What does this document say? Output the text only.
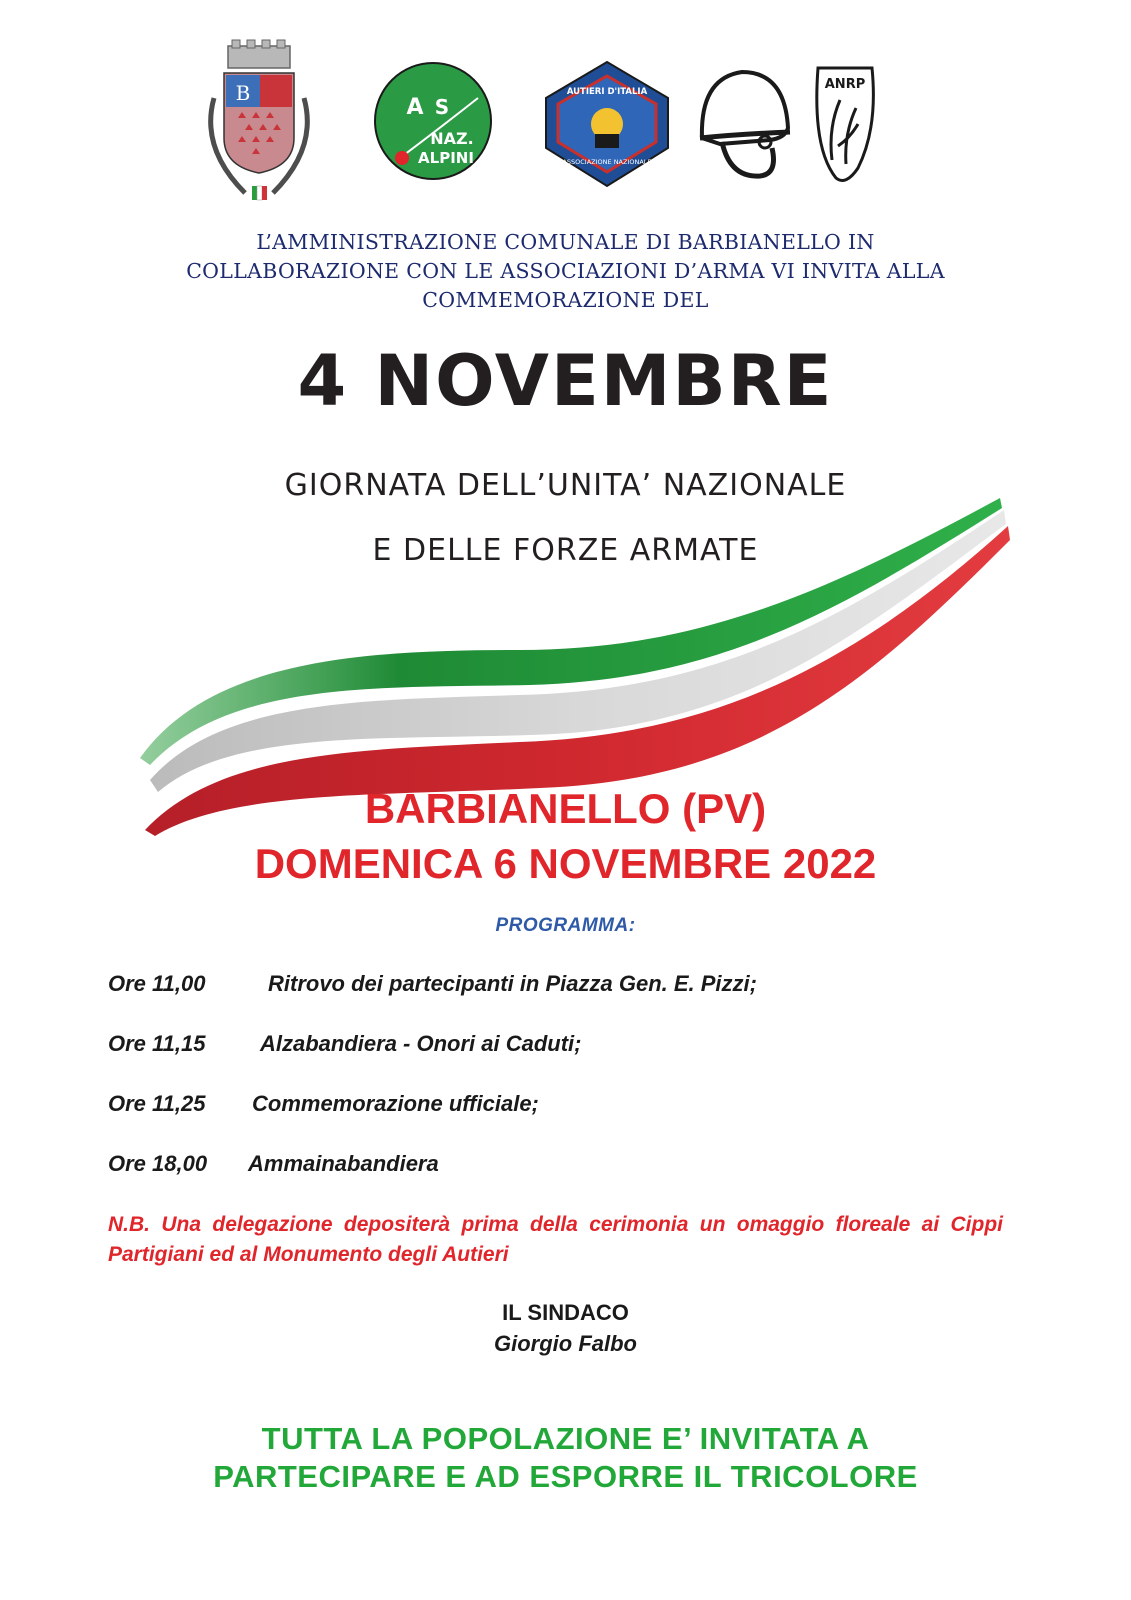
B
A S
NAZ.
ALPINI
AUTIERI D'ITALIA
ASSOCIAZIONE NAZIONALE
ANRP
L’AMMINISTRAZIONE COMUNALE DI BARBIANELLO IN
COLLABORAZIONE CON LE ASSOCIAZIONI D’ARMA VI INVITA ALLA
COMMEMORAZIONE DEL
4 NOVEMBRE
GIORNATA DELL’UNITA’ NAZIONALE
E DELLE FORZE ARMATE
BARBIANELLO (PV)
DOMENICA 6 NOVEMBRE 2022
PROGRAMMA:
Ore 11,00	Ritrovo dei partecipanti in Piazza Gen. E. Pizzi;
Ore 11,15 Alzabandiera - Onori ai Caduti;
Ore 11,25 Commemorazione ufficiale;
Ore 18,00 Ammainabandiera
N.B. Una delegazione depositerà prima della cerimonia un omaggio floreale ai Cippi Partigiani ed al Monumento degli Autieri
IL SINDACO
Giorgio Falbo
TUTTA LA POPOLAZIONE E’ INVITATA A
PARTECIPARE E AD ESPORRE IL TRICOLORE
